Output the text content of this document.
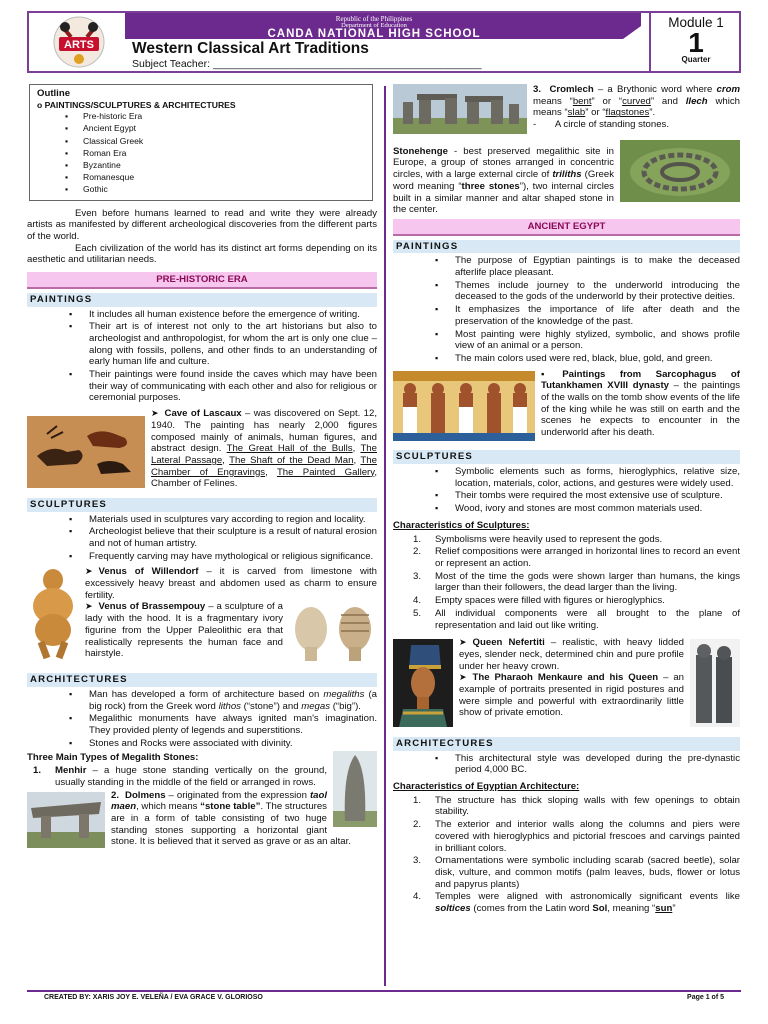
ARTS
Republic of the Philippines
Department of Education
CANDA NATIONAL HIGH SCHOOL
Western Classical Art Traditions
Subject Teacher: ______________________________________________
Module 1
1
Quarter
Outline
o PAINTINGS/SCULPTURES & ARCHITECTURES
▪ Pre-historic Era
▪ Ancient Egypt
▪ Classical Greek
▪ Roman Era
▪ Byzantine
▪ Romanesque
▪ Gothic

Even before humans learned to read and write they were already artists as manifested by different archeological discoveries from the different parts of the world.

Each civilization of the world has its distinct art forms depending on its aesthetic and utilitarian needs.

PRE-HISTORIC ERA
PAINTINGS
▪ It includes all human existence before the emergence of writing.
▪ Their art is of interest not only to the art historians but also to archeologist and anthropologist, for whom the art is only one clue – along with fossils, pollens, and other finds to an understanding of early human life and culture.
▪ Their paintings were found inside the caves which may have been their way of communicating with each other and also for religious or ceremonial purposes.

➤ Cave of Lascaux – was discovered on Sept. 12, 1940. The painting has nearly 2,000 figures composed mainly of animals, human figures, and abstract design. The Great Hall of the Bulls, The Lateral Passage, The Shaft of the Dead Man, The Chamber of Engravings, The Painted Gallery, Chamber of Felines.

SCULPTURES
▪ Materials used in sculptures vary according to region and locality.
▪ Archeologist believe that their sculpture is a result of natural erosion and not of human artistry.
▪ Frequently carving may have mythological or religious significance.

➤ Venus of Willendorf – it is carved from limestone with excessively heavy breast and abdomen used as charm to ensure fertility.

➤ Venus of Brassempouy – a sculpture of a lady with the hood. It is a fragmentary ivory figurine from the Upper Paleolithic era that realistically represents the human face and hairstyle.

ARCHITECTURES
▪ Man has developed a form of architecture based on megaliths (a big rock) from the Greek word lithos (“stone”) and megas (“big”).
▪ Megalithic monuments have always ignited man's imagination. They provided plenty of legends and superstitions.
▪ Stones and Rocks were associated with divinity.
Three Main Types of Megalith Stones:
1. Menhir – a huge stone standing vertically on the ground, usually standing in the middle of the field or arranged in rows.

2. Dolmens – originated from the expression taol maen, which means “stone table”. The structures are in a form of table consisting of two huge standing stones supporting a horizontal giant stone. It is believed that it served as grave or as an altar.

3. Cromlech – a Brythonic word where crom means “bent” or “curved” and llech which means “slab” or “flagstones”.

- A circle of standing stones.

Stonehenge - best preserved megalithic site in Europe, a group of stones arranged in concentric circles, with a large external circle of triliths (Greek word meaning “three stones”), two internal circles built in a similar manner and altar shaped stone in the center.

ANCIENT EGYPT
PAINTINGS
▪ The purpose of Egyptian paintings is to make the deceased afterlife place pleasant.
▪ Themes include journey to the underworld introducing the deceased to the gods of the underworld by their protective deities.
▪ It emphasizes the importance of life after death and the preservation of the knowledge of the past.
▪ Most painting were highly stylized, symbolic, and shows profile view of an animal or a person.
▪ The main colors used were red, black, blue, gold, and green.

▪ Paintings from Sarcophagus of Tutankhamen XVIII dynasty – the paintings of the walls on the tomb show events of the life of the king while he was still on earth and the scenes he expects to encounter in the underworld after his death.

SCULPTURES
▪ Symbolic elements such as forms, hieroglyphics, relative size, location, materials, color, actions, and gestures were widely used.
▪ Their tombs were required the most extensive use of sculpture.
▪ Wood, ivory and stones are most common materials used.
Characteristics of Sculptures:
1. Symbolisms were heavily used to represent the gods.
2. Relief compositions were arranged in horizontal lines to record an event or represent an action.
3. Most of the time the gods were shown larger than humans, the kings larger than their followers, the dead larger than the living.
4. Empty spaces were filled with figures or hieroglyphics.
5. All individual components were all brought to the plane of representation and laid out like writing.

➤ Queen Nefertiti – realistic, with heavy lidded eyes, slender neck, determined chin and pure profile under her heavy crown.

➤ The Pharaoh Menkaure and his Queen – an example of portraits presented in rigid postures and were simple and powerful with extraordinarily little show of private emotion.

ARCHITECTURES
▪ This architectural style was developed during the pre-dynastic period 4,000 BC.
Characteristics of Egyptian Architecture:
1. The structure has thick sloping walls with few openings to obtain stability.
2. The exterior and interior walls along the columns and piers were covered with hieroglyphics and pictorial frescoes and carvings painted in brilliant colors.
3. Ornamentations were symbolic including scarab (sacred beetle), solar disk, vulture, and common motifs (palm leaves, buds, flower or lotus and papyrus plants)
4. Temples were aligned with astronomically significant events like soltices (comes from the Latin word Sol, meaning “sun”
CREATED BY: XARIS JOY E. VELEÑA / EVA GRACE V. GLORIOSO	Page 1 of 5
